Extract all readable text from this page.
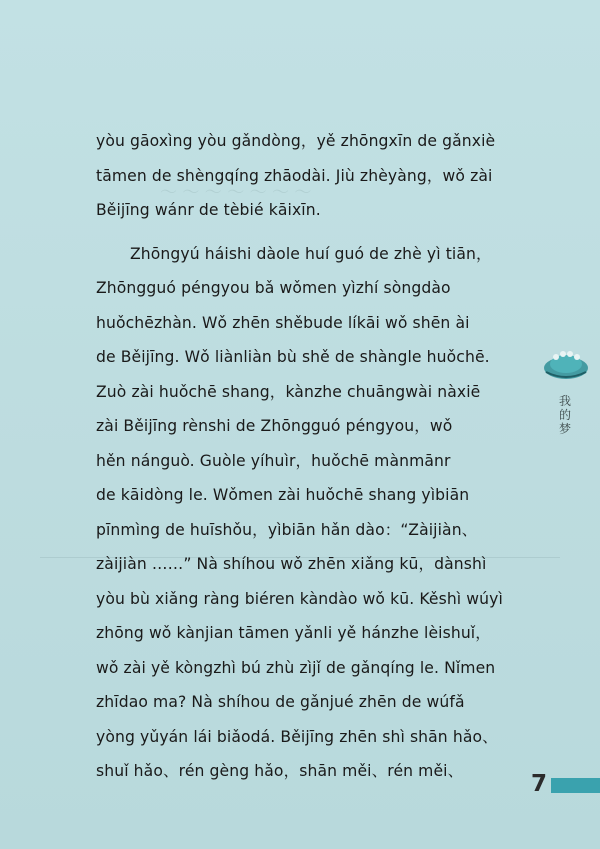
〜 〜 〜 〜 〜 〜 〜
yòu gāoxìng yòu gǎndòng，yě zhōngxīn de gǎnxiè
tāmen de shèngqíng zhāodài. Jiù zhèyàng，wǒ zài
Běijīng wánr de tèbié kāixīn.
Zhōngyú háishi dàole huí guó de zhè yì tiān，
Zhōngguó péngyou bǎ wǒmen yìzhí sòngdào
huǒchēzhàn. Wǒ zhēn shěbude líkāi wǒ shēn ài
de Běijīng. Wǒ liànliàn bù shě de shàngle huǒchē.
Zuò zài huǒchē shang，kànzhe chuāngwài nàxiē
zài Běijīng rènshi de Zhōngguó péngyou，wǒ
hěn nánguò. Guòle yíhuìr，huǒchē mànmānr
de kāidòng le. Wǒmen zài huǒchē shang yìbiān
pīnmìng de huīshǒu，yìbiān hǎn dào：“Zàijiàn、
zàijiàn ……” Nà shíhou wǒ zhēn xiǎng kū，dànshì
yòu bù xiǎng ràng biéren kàndào wǒ kū. Kěshì wúyì
zhōng wǒ kànjian tāmen yǎnli yě hánzhe lèishuǐ，
wǒ zài yě kòngzhì bú zhù zìjǐ de gǎnqíng le. Nǐmen
zhīdao ma? Nà shíhou de gǎnjué zhēn de wúfǎ
yòng yǔyán lái biǎodá. Běijīng zhēn shì shān hǎo、
shuǐ hǎo、rén gèng hǎo，shān měi、rén měi、
我
的
梦
7
